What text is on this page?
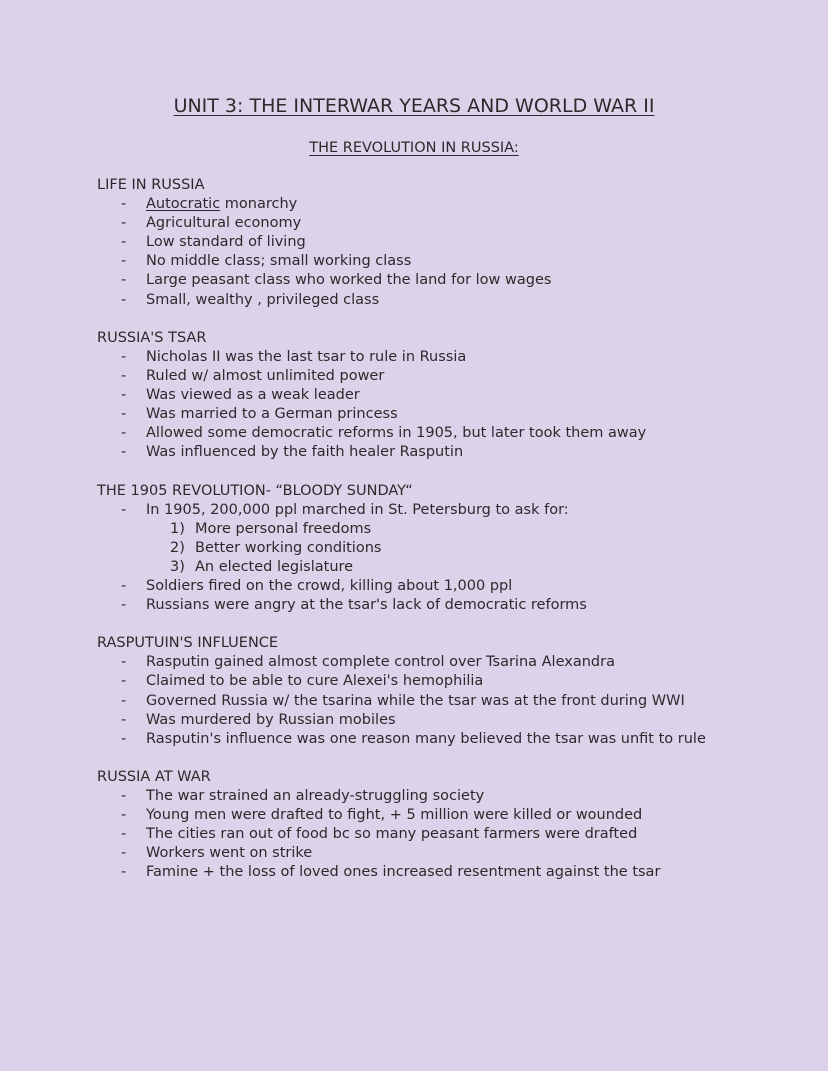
UNIT 3: THE INTERWAR YEARS AND WORLD WAR II
THE REVOLUTION IN RUSSIA:
LIFE IN RUSSIA
- Autocratic monarchy
- Agricultural economy
- Low standard of living
- No middle class; small working class
- Large peasant class who worked the land for low wages
- Small, wealthy , privileged class
RUSSIA'S TSAR
- Nicholas II was the last tsar to rule in Russia
- Ruled w/ almost unlimited power
- Was viewed as a weak leader
- Was married to a German princess
- Allowed some democratic reforms in 1905, but later took them away
- Was influenced by the faith healer Rasputin
THE 1905 REVOLUTION- “BLOODY SUNDAY“
- In 1905, 200,000 ppl marched in St. Petersburg to ask for:
1) More personal freedoms
2) Better working conditions
3) An elected legislature
- Soldiers fired on the crowd, killing about 1,000 ppl
- Russians were angry at the tsar's lack of democratic reforms
RASPUTUIN'S INFLUENCE
- Rasputin gained almost complete control over Tsarina Alexandra
- Claimed to be able to cure Alexei's hemophilia
- Governed Russia w/ the tsarina while the tsar was at the front during WWI
- Was murdered by Russian mobiles
- Rasputin's influence was one reason many believed the tsar was unfit to rule
RUSSIA AT WAR
- The war strained an already-struggling society
- Young men were drafted to fight, + 5 million were killed or wounded
- The cities ran out of food bc so many peasant farmers were drafted
- Workers went on strike
- Famine + the loss of loved ones increased resentment against the tsar
